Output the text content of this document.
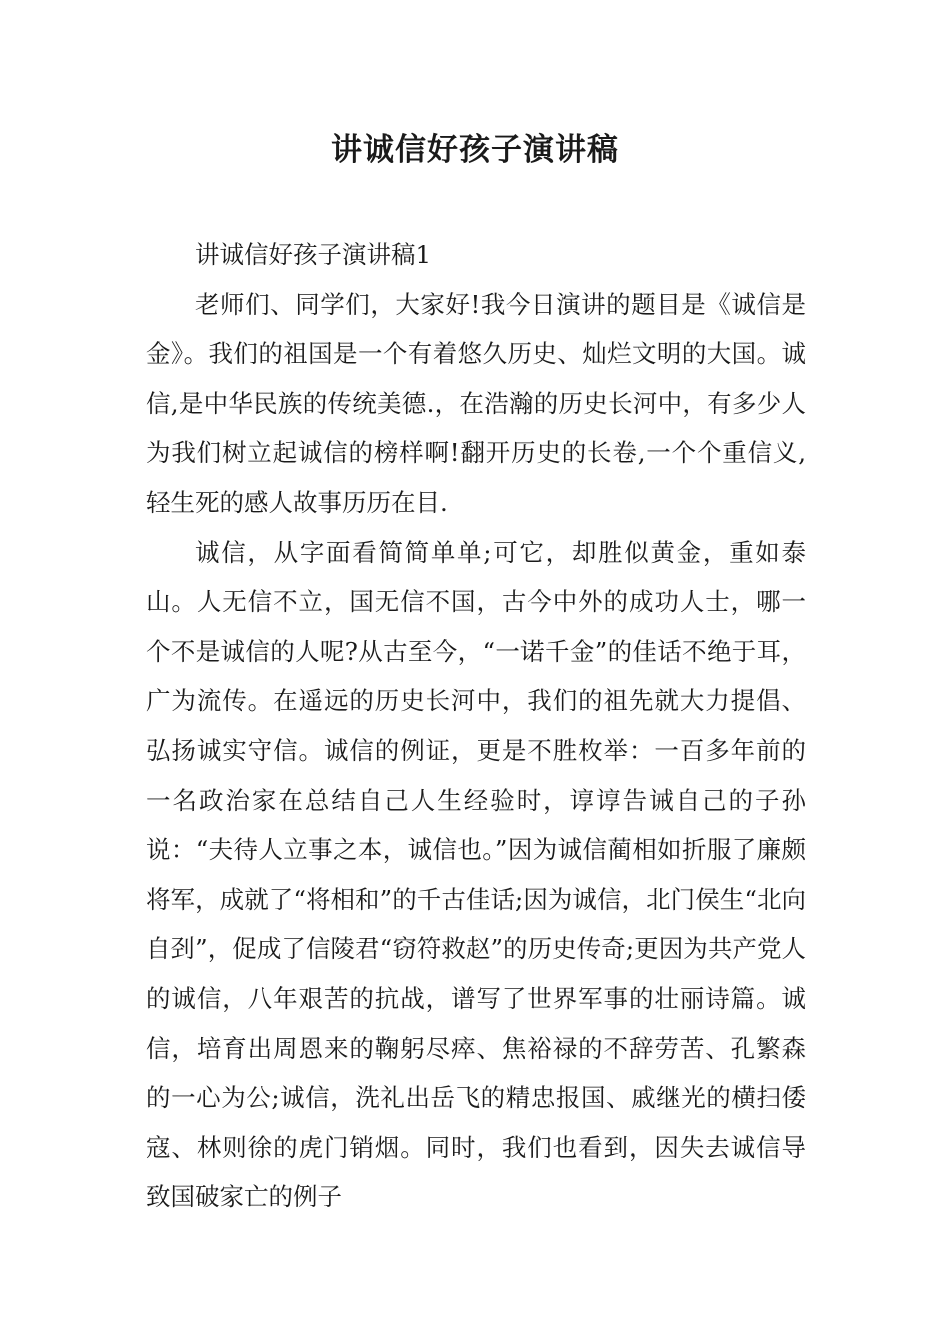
讲诚信好孩子演讲稿

讲诚信好孩子演讲稿1

老师们、同学们，大家好!我今日演讲的题目是《诚信是金》。我们的祖国是一个有着悠久历史、灿烂文明的大国。诚信,是中华民族的传统美德.，在浩瀚的历史长河中，有多少人为我们树立起诚信的榜样啊!翻开历史的长卷,一个个重信义,轻生死的感人故事历历在目.

诚信，从字面看简简单单;可它，却胜似黄金，重如泰山。人无信不立，国无信不国，古今中外的成功人士，哪一个不是诚信的人呢?从古至今，“一诺千金”的佳话不绝于耳，广为流传。在遥远的历史长河中，我们的祖先就大力提倡、弘扬诚实守信。诚信的例证，更是不胜枚举：一百多年前的一名政治家在总结自己人生经验时，谆谆告诫自己的子孙说：“夫待人立事之本，诚信也。”因为诚信蔺相如折服了廉颇将军，成就了“将相和”的千古佳话;因为诚信，北门侯生“北向自刭”，促成了信陵君“窃符救赵”的历史传奇;更因为共产党人的诚信，八年艰苦的抗战，谱写了世界军事的壮丽诗篇。诚信，培育出周恩来的鞠躬尽瘁、焦裕禄的不辞劳苦、孔繁森的一心为公;诚信，洗礼出岳飞的精忠报国、戚继光的横扫倭寇、林则徐的虎门销烟。同时，我们也看到，因失去诚信导致国破家亡的例子
